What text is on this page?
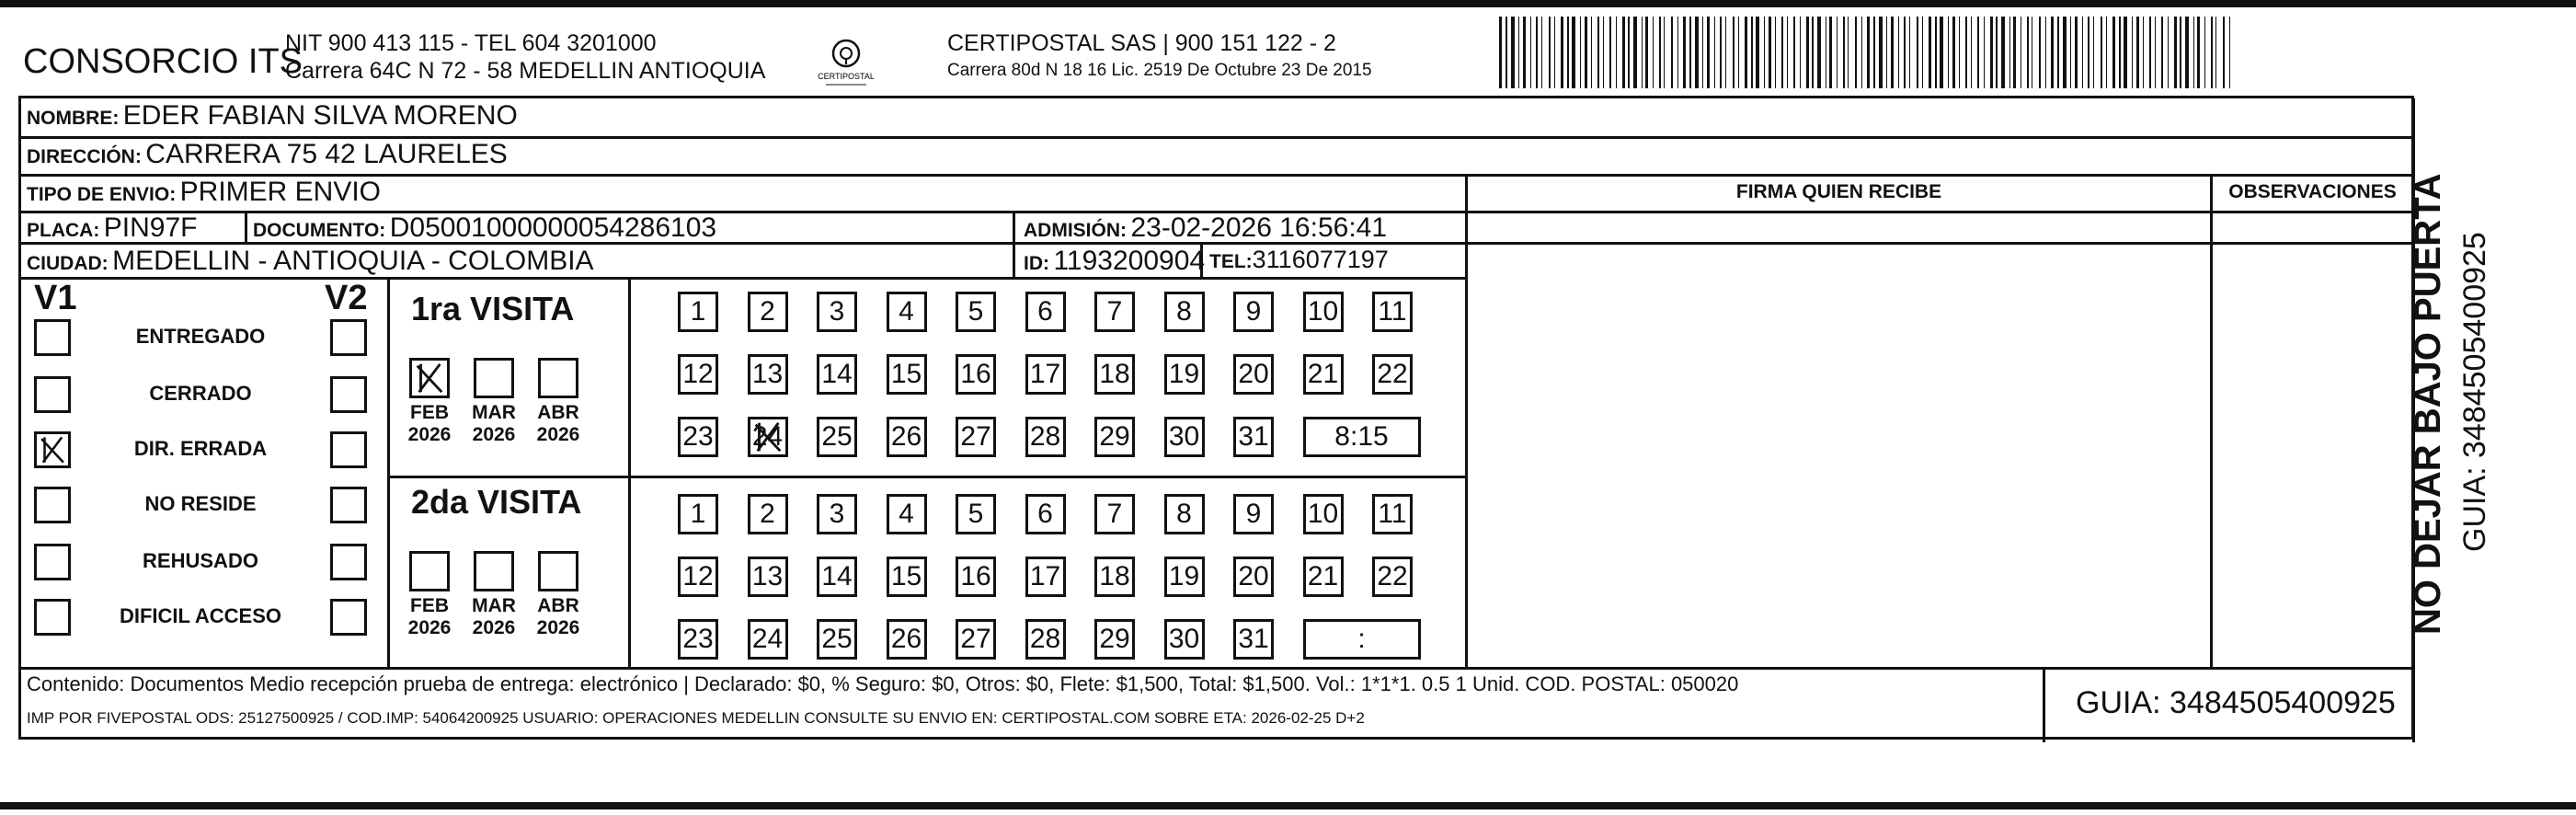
CONSORCIO ITS
NIT 900 413 115 - TEL 604 3201000
Carrera 64C N 72 - 58 MEDELLIN ANTIOQUIA	CERTIPOSTAL
CERTIPOSTAL SAS | 900 151 122 - 2
Carrera 80d N 18 16 Lic. 2519 De Octubre 23 De 2015
NOMBRE: EDER FABIAN SILVA MORENO
DIRECCIÓN: CARRERA 75 42 LAURELES
TIPO DE ENVIO: PRIMER ENVIO	FIRMA QUIEN RECIBE	OBSERVACIONES
PLACA: PIN97F	DOCUMENTO: D05001000000054286103	ADMISIÓN: 23-02-2026 16:56:41
CIUDAD: MEDELLIN - ANTIOQUIA - COLOMBIA	ID: 1193200904 TEL:3116077197
V1	V2
ENTREGADO
CERRADO
DIR. ERRADA
NO RESIDE
REHUSADO
DIFICIL ACCESO
1ra VISITA
2da VISITA
FEB
2026
MAR
2026
ABR
2026
FEB
2026
MAR
2026
ABR
2026
1	2	3	4	5	6	7	8	9	10 11
12 13 14 15 16 17 18 19 20 21 22
23 24 25 26 27 28 29 30 31	8:15
1	2	3	4	5	6	7	8	9	10 11
12 13 14 15 16 17 18 19 20 21 22
23 24 25 26 27 28 29 30 31	:
Contenido: Documentos Medio recepción prueba de entrega: electrónico | Declarado: $0, % Seguro: $0, Otros: $0, Flete: $1,500, Total: $1,500. Vol.: 1*1*1. 0.5 1 Unid. COD. POSTAL: 050020
IMP POR FIVEPOSTAL ODS: 25127500925 / COD.IMP: 54064200925 USUARIO: OPERACIONES MEDELLIN CONSULTE SU ENVIO EN: CERTIPOSTAL.COM SOBRE ETA: 2026-02-25 D+2	GUIA: 3484505400925
NO DEJAR BAJO PUERTA GUIA: 3484505400925
